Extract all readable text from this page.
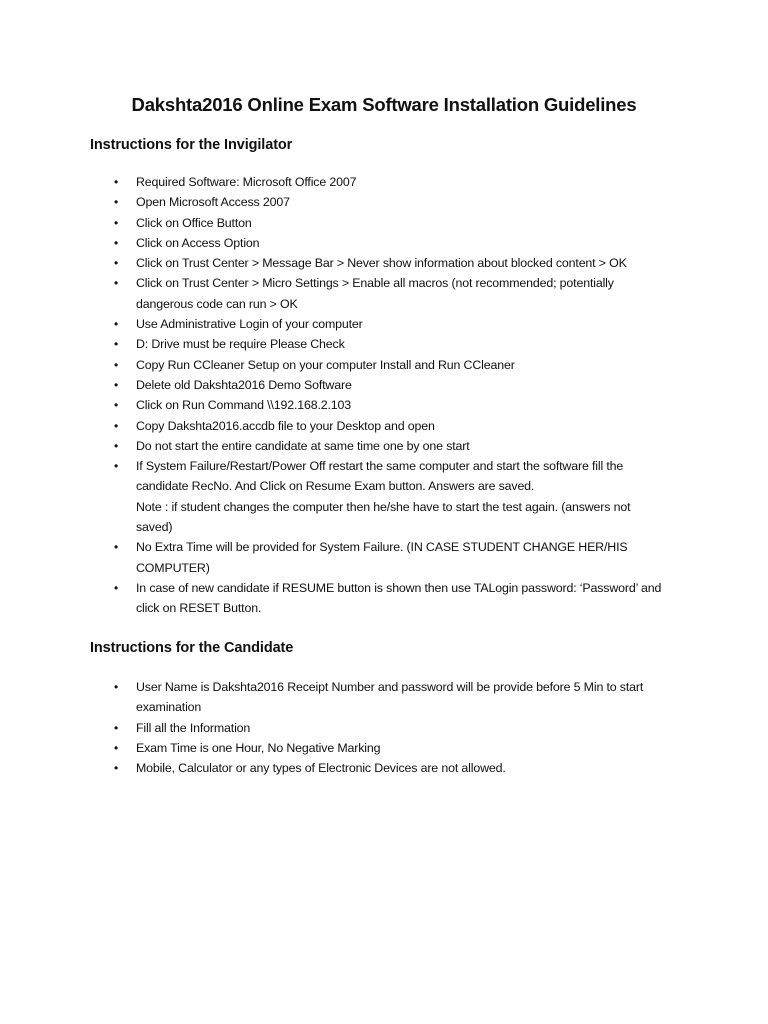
Dakshta2016 Online Exam Software Installation Guidelines
Instructions for the Invigilator
• Required Software: Microsoft Office 2007
• Open Microsoft Access 2007
• Click on Office Button
• Click on Access Option
• Click on Trust Center > Message Bar > Never show information about blocked content > OK
• Click on Trust Center > Micro Settings > Enable all macros (not recommended; potentially
dangerous code can run > OK
• Use Administrative Login of your computer
• D: Drive must be require Please Check
• Copy Run CCleaner Setup on your computer Install and Run CCleaner
• Delete old Dakshta2016 Demo Software
• Click on Run Command \\192.168.2.103
• Copy Dakshta2016.accdb file to your Desktop and open
• Do not start the entire candidate at same time one by one start
• If System Failure/Restart/Power Off restart the same computer and start the software fill the
candidate RecNo. And Click on Resume Exam button. Answers are saved.
Note : if student changes the computer then he/she have to start the test again. (answers not
saved)
• No Extra Time will be provided for System Failure. (IN CASE STUDENT CHANGE HER/HIS
COMPUTER)
• In case of new candidate if RESUME button is shown then use TALogin password: ‘Password’ and
click on RESET Button.
Instructions for the Candidate
• User Name is Dakshta2016 Receipt Number and password will be provide before 5 Min to start
examination
• Fill all the Information
• Exam Time is one Hour, No Negative Marking
• Mobile, Calculator or any types of Electronic Devices are not allowed.
